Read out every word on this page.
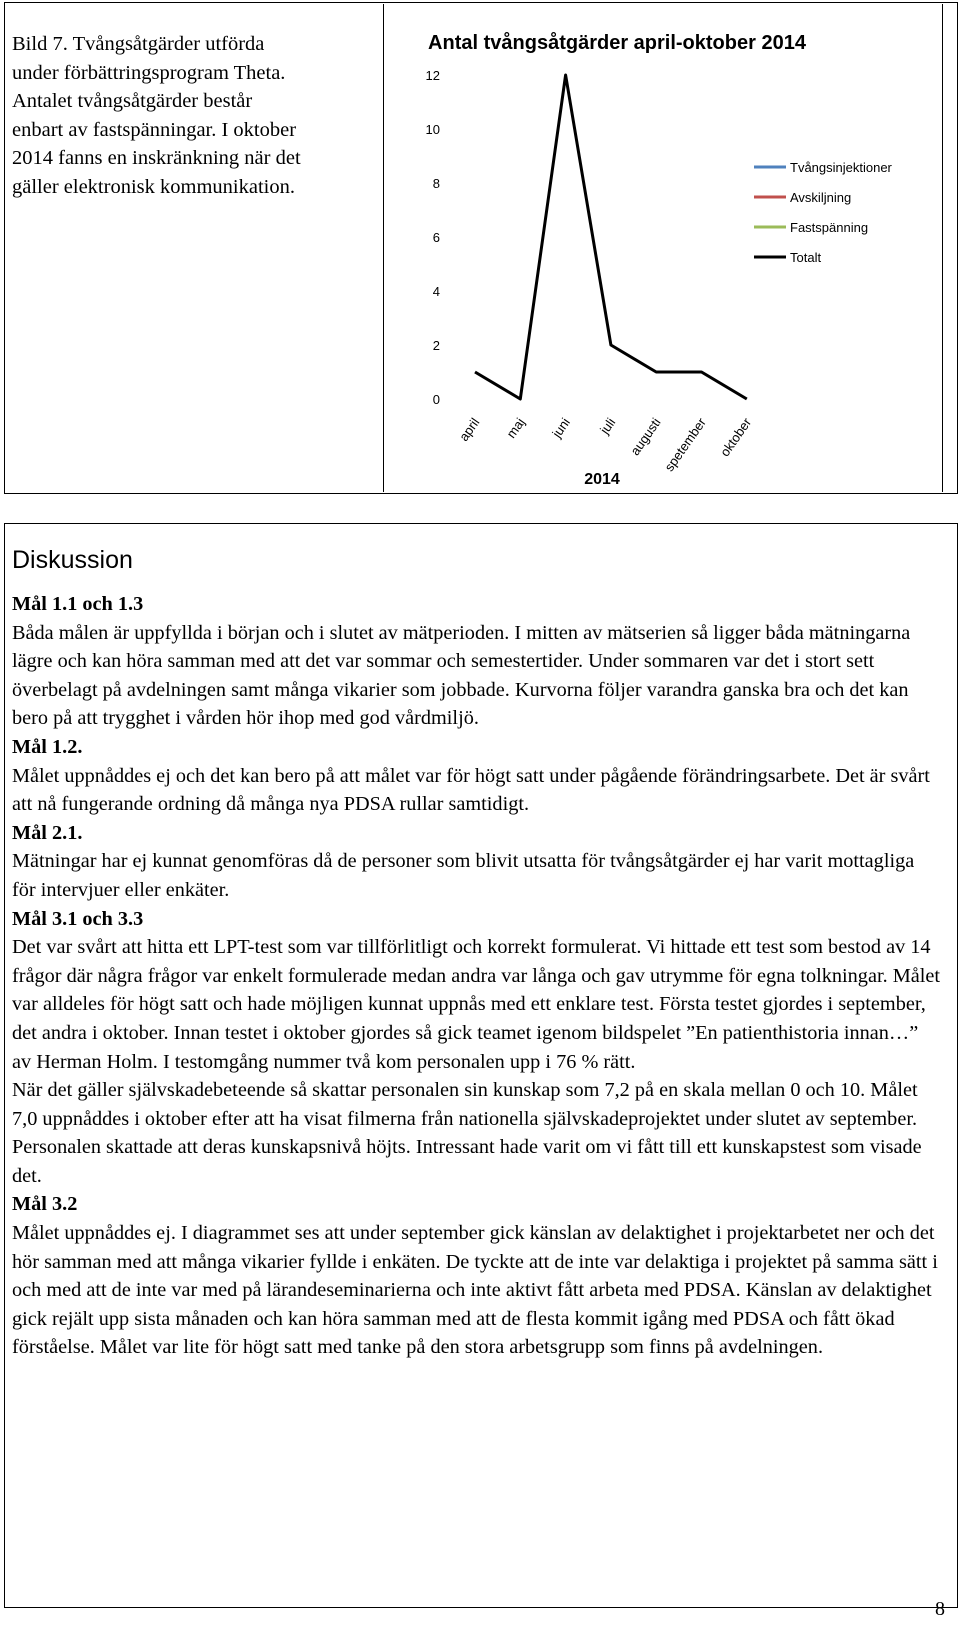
Bild 7. Tvångsåtgärder utförda
under förbättringsprogram Theta.
Antalet tvångsåtgärder består
enbart av fastspänningar. I oktober
2014 fanns en inskränkning när det
gäller elektronisk kommunikation.
Antal tvångsåtgärder april-oktober 2014
0
2
4
6
8
10
12
april maj juni juli augusti
spetember oktober
Tvångsinjektioner
Avskiljning
Fastspänning
Totalt
2014
Diskussion
Mål 1.1 och 1.3
Båda målen är uppfyllda i början och i slutet av mätperioden. I mitten av mätserien så ligger båda mätningarna lägre och kan höra samman med att det var sommar och semestertider. Under sommaren var det i stort sett överbelagt på avdelningen samt många vikarier som jobbade. Kurvorna följer varandra ganska bra och det kan bero på att trygghet i vården hör ihop med god vårdmiljö.
Mål 1.2.
Målet uppnåddes ej och det kan bero på att målet var för högt satt under pågående förändringsarbete. Det är svårt att nå fungerande ordning då många nya PDSA rullar samtidigt.
Mål 2.1.
Mätningar har ej kunnat genomföras då de personer som blivit utsatta för tvångsåtgärder ej har varit mottagliga för intervjuer eller enkäter.
Mål 3.1 och 3.3
Det var svårt att hitta ett LPT-test som var tillförlitligt och korrekt formulerat. Vi hittade ett test som bestod av 14 frågor där några frågor var enkelt formulerade medan andra var långa och gav utrymme för egna tolkningar. Målet var alldeles för högt satt och hade möjligen kunnat uppnås med ett enklare test. Första testet gjordes i september, det andra i oktober. Innan testet i oktober gjordes så gick teamet igenom bildspelet ”En patienthistoria innan…” av Herman Holm. I testomgång nummer två kom personalen upp i 76 % rätt.
När det gäller självskadebeteende så skattar personalen sin kunskap som 7,2 på en skala mellan 0 och 10. Målet 7,0 uppnåddes i oktober efter att ha visat filmerna från nationella självskadeprojektet under slutet av september. Personalen skattade att deras kunskapsnivå höjts. Intressant hade varit om vi fått till ett kunskapstest som visade det.
Mål 3.2
Målet uppnåddes ej. I diagrammet ses att under september gick känslan av delaktighet i projektarbetet ner och det hör samman med att många vikarier fyllde i enkäten. De tyckte att de inte var delaktiga i projektet på samma sätt i och med att de inte var med på lärandeseminarierna och inte aktivt fått arbeta med PDSA. Känslan av delaktighet gick rejält upp sista månaden och kan höra samman med att de flesta kommit igång med PDSA och fått ökad förståelse. Målet var lite för högt satt med tanke på den stora arbetsgrupp som finns på avdelningen.
8
